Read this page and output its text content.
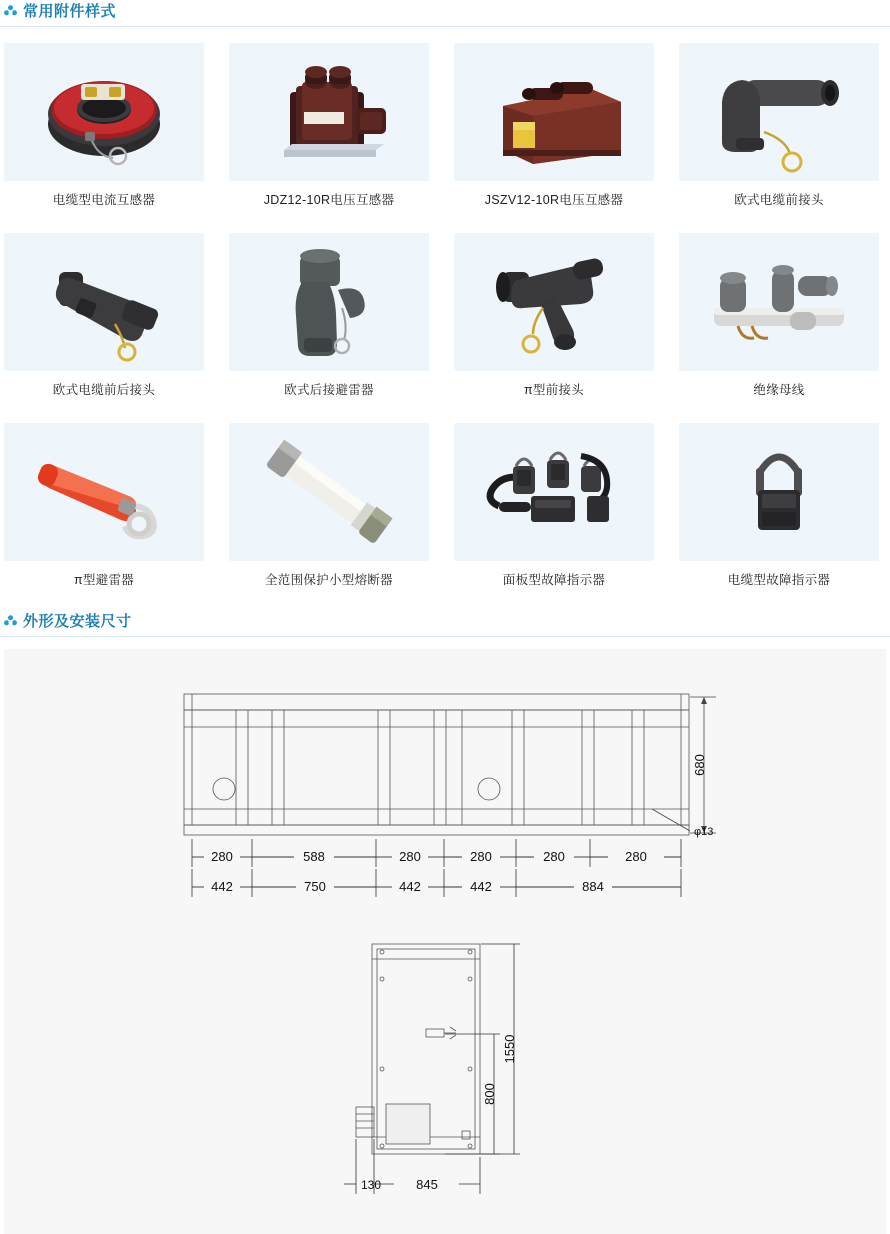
常用附件样式
电缆型电流互感器	JDZ12-10R电压互感器	JSZV12-10R电压互感器	欧式电缆前接头
欧式电缆前后接头	欧式后接避雷器	π型前接头	绝缘母线
π型避雷器	全范围保护小型熔断器	面板型故障指示器	电缆型故障指示器
外形及安装尺寸
680
φ13
280	588	280	280	280	280
442	750	442	442	884
1550
800
130	845
